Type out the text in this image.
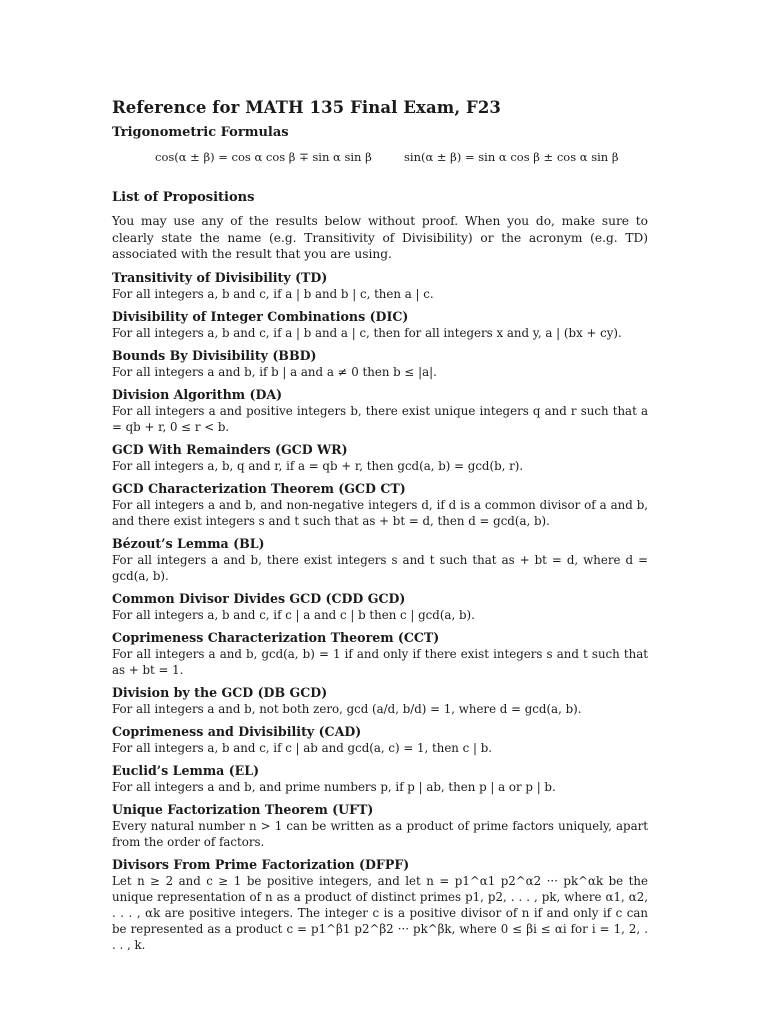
Reference for MATH 135 Final Exam, F23
Trigonometric Formulas
cos(α ± β) = cos α cos β ∓ sin α sin β	sin(α ± β) = sin α cos β ± cos α sin β
List of Propositions

You may use any of the results below without proof. When you do, make sure to clearly state the name (e.g. Transitivity of Divisibility) or the acronym (e.g. TD) associated with the result that you are using.

Transitivity of Divisibility (TD)

For all integers a, b and c, if a | b and b | c, then a | c.

Divisibility of Integer Combinations (DIC)

For all integers a, b and c, if a | b and a | c, then for all integers x and y, a | (bx + cy).

Bounds By Divisibility (BBD)

For all integers a and b, if b | a and a ≠ 0 then b ≤ |a|.

Division Algorithm (DA)

For all integers a and positive integers b, there exist unique integers q and r such that a = qb + r, 0 ≤ r < b.

GCD With Remainders (GCD WR)

For all integers a, b, q and r, if a = qb + r, then gcd(a, b) = gcd(b, r).

GCD Characterization Theorem (GCD CT)

For all integers a and b, and non-negative integers d, if d is a common divisor of a and b, and there exist integers s and t such that as + bt = d, then d = gcd(a, b).

Bézout’s Lemma (BL)

For all integers a and b, there exist integers s and t such that as + bt = d, where d = gcd(a, b).

Common Divisor Divides GCD (CDD GCD)

For all integers a, b and c, if c | a and c | b then c | gcd(a, b).

Coprimeness Characterization Theorem (CCT)

For all integers a and b, gcd(a, b) = 1 if and only if there exist integers s and t such that as + bt = 1.

Division by the GCD (DB GCD)

For all integers a and b, not both zero, gcd (a/d, b/d) = 1, where d = gcd(a, b).

Coprimeness and Divisibility (CAD)

For all integers a, b and c, if c | ab and gcd(a, c) = 1, then c | b.

Euclid’s Lemma (EL)

For all integers a and b, and prime numbers p, if p | ab, then p | a or p | b.

Unique Factorization Theorem (UFT)

Every natural number n > 1 can be written as a product of prime factors uniquely, apart from the order of factors.

Divisors From Prime Factorization (DFPF)

Let n ≥ 2 and c ≥ 1 be positive integers, and let n = p1^α1 p2^α2 ··· pk^αk be the unique representation of n as a product of distinct primes p1, p2, . . . , pk, where α1, α2, . . . , αk are positive integers. The integer c is a positive divisor of n if and only if c can be represented as a product c = p1^β1 p2^β2 ··· pk^βk, where 0 ≤ βi ≤ αi for i = 1, 2, . . . , k.
